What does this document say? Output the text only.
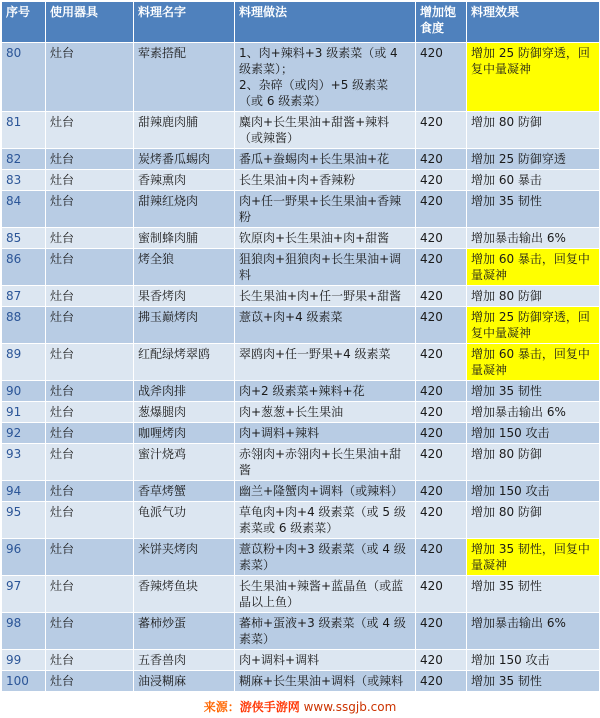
序号	使用器具	料理名字	料理做法	增加饱食度	料理效果
80	灶台	荤素搭配	1、肉+辣料+3 级素菜（或 4 级素菜）；
2、杂碎（或肉）+5 级素菜（或 6 级素菜）	420	增加 25 防御穿透，回复中量凝神
81	灶台	甜辣鹿肉脯	麋肉+长生果油+甜酱+辣料（或辣酱）	420	增加 80 防御
82	灶台	炭烤番瓜蜴肉	番瓜+䖭蜴肉+长生果油+花	420	增加 25 防御穿透
83	灶台	香辣熏肉	长生果油+肉+香辣粉	420	增加 60 暴击
84	灶台	甜辣红烧肉	肉+任一野果+长生果油+香辣粉	420	增加 35 韧性
85	灶台	蜜制蜂肉脯	钦原肉+长生果油+肉+甜酱	420	增加暴击输出 6%
86	灶台	烤全狼	狙狼肉+狙狼肉+长生果油+调料	420	增加 60 暴击，回复中量凝神
87	灶台	果香烤肉	长生果油+肉+任一野果+甜酱	420	增加 80 防御
88	灶台	拂玉巅烤肉	薏苡+肉+4 级素菜	420	增加 25 防御穿透，回复中量凝神
89	灶台	红配绿烤翠鸥	翠鸥肉+任一野果+4 级素菜	420	增加 60 暴击，回复中量凝神
90	灶台	战斧肉排	肉+2 级素菜+辣料+花	420	增加 35 韧性
91	灶台	葱爆腿肉	肉+葱葱+长生果油	420	增加暴击输出 6%
92	灶台	咖喱烤肉	肉+调料+辣料	420	增加 150 攻击
93	灶台	蜜汁烧鸡	赤翎肉+赤翎肉+长生果油+甜酱	420	增加 80 防御
94	灶台	香草烤蟹	幽兰+隆蟹肉+调料（或辣料）	420	增加 150 攻击
95	灶台	龟派气功	草龟肉+肉+4 级素菜（或 5 级素菜或 6 级素菜）	420	增加 80 防御
96	灶台	米饼夹烤肉	薏苡粉+肉+3 级素菜（或 4 级素菜）	420	增加 35 韧性，回复中量凝神
97	灶台	香辣烤鱼块	长生果油+辣酱+蓝晶鱼（或蓝晶以上鱼）	420	增加 35 韧性
98	灶台	蕃柿炒蛋	蕃柿+蛋液+3 级素菜（或 4 级素菜）	420	增加暴击输出 6%
99	灶台	五香兽肉	肉+调料+调料	420	增加 150 攻击
100	灶台	油浸糊麻	糊麻+长生果油+调料（或辣料	420	增加 35 韧性
来源：游侠手游网 www.ssgjb.com
